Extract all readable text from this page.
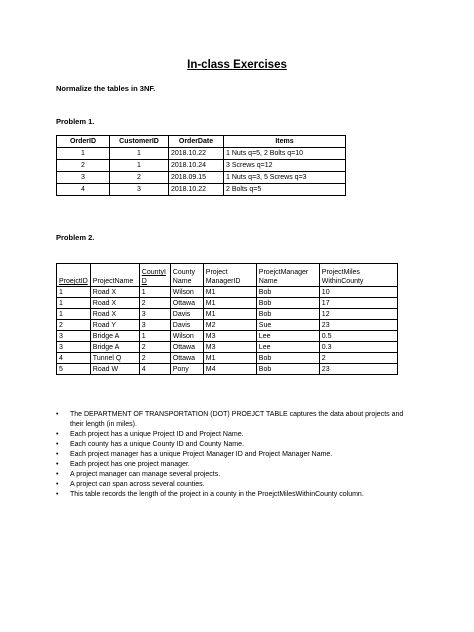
In-class Exercises
Normalize the tables in 3NF.
Problem 1.
OrderID	CustomerID	OrderDate	Items
1	1	2018.10.22	1 Nuts q=5, 2 Bolts q=10
2	1	2018.10.24	3 Screws q=12
3	2	2018.09.15	1 Nuts q=3, 5 Screws q=3
4	3	2018.10.22	2 Bolts q=5
Problem 2.
ProejctID	ProjectName	CountyID	County Name	Project ManagerID	ProejctManager Name	ProjectMiles WithinCounty
1	Road X	1	Wilson	M1	Bob	10
1	Road X	2	Ottawa	M1	Bob	17
1	Road X	3	Davis	M1	Bob	12
2	Road Y	3	Davis	M2	Sue	23
3	Bridge A	1	Wilson	M3	Lee	0.5
3	Bridge A	2	Ottawa	M3	Lee	0.3
4	Tunnel Q	2	Ottawa	M1	Bob	2
5	Road W	4	Pony	M4	Bob	23
• The DEPARTMENT OF TRANSPORTATION (DOT) PROEJCT TABLE captures the data about projects and their length (in miles).
• Each project has a unique Project ID and Project Name.
• Each county has a unique County ID and County Name.
• Each project manager has a unique Project Manager ID and Project Manager Name.
• Each project has one project manager.
• A project manager can manage several projects.
• A project can span across several counties.
• This table records the length of the project in a county in the ProejctMilesWithinCounty column.
